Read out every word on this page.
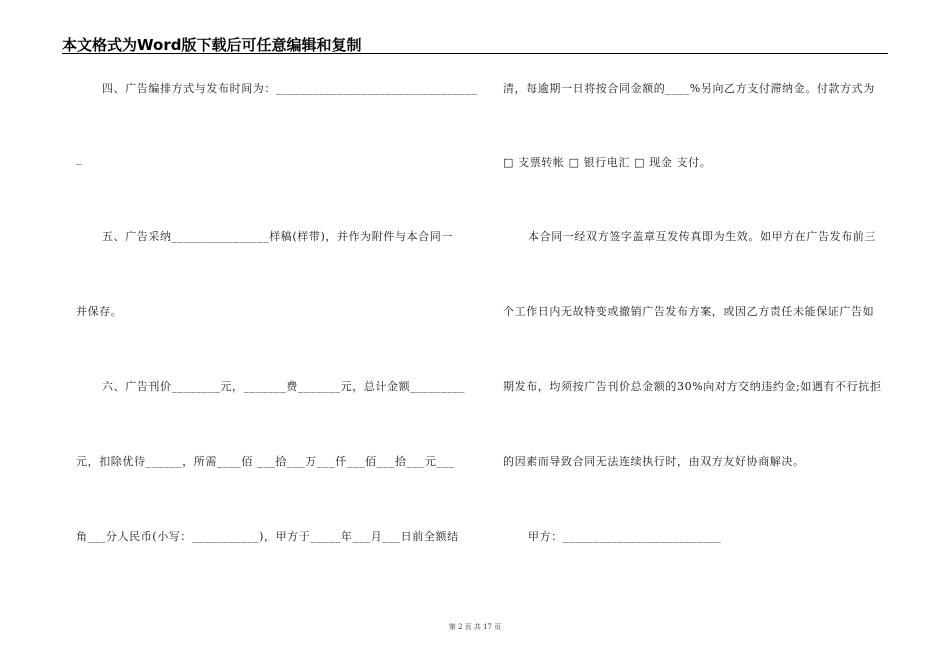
本文格式为Word版下载后可任意编辑和复制
四、广告编排方式与发布时间为：_________________________________
_
五、广告采纳________________样稿(样带)，并作为附件与本合同一
并保存。
六、广告刊价________元，_______费_______元，总计金额_________
元，扣除优待______，所需____佰 ___拾___万___仟___佰___拾___元___
角___分人民币(小写：___________)，甲方于_____年___月___日前全额结
清，每逾期一日将按合同金额的____%另向乙方支付滞纳金。付款方式为
□ 支票转帐 □ 银行电汇 □ 现金 支付。
本合同一经双方签字盖章互发传真即为生效。如甲方在广告发布前三
个工作日内无故特变或撤销广告发布方案，或因乙方责任未能保证广告如
期发布，均须按广告刊价总金额的30%向对方交纳违约金;如遇有不行抗拒
的因素而导致合同无法连续执行时，由双方友好协商解决。
甲方：__________________________
第 2 页 共 17 页
